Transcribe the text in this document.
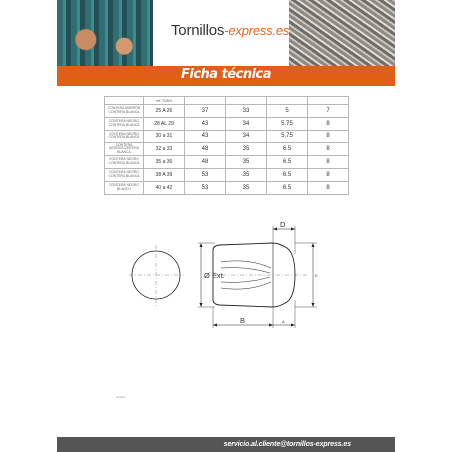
Tornillos-express.es
Ficha técnica
	ref. TUDO				
CONTERA MARRÓN
CONTERA BLANCA	25 A 26	37	33	5	7
CONTERA NEGRO
CONTERA BLANCA	28 AL 29	43	34	5.75	8
CONTERA NEGRO
CONTERA BLANCA	30 a 31	43	34	5.75	8
CONTERA NEGRO/CONTERA
BLANCA	32 a 33	48	35	6.5	8
CONTERA NEGRO
CONTERA BLANCA	35 a 36	48	35	6.5	8
CONTERA NEGRO
CONTERA BLANCA	38 A 39	53	35	6.5	8
CONTERA NEGRO
BLANCO	40 a 42	53	35	6.5	8
Ø Ext.
D
E
B	A
auxiliar
servicio.al.cliente@tornillos-express.es
